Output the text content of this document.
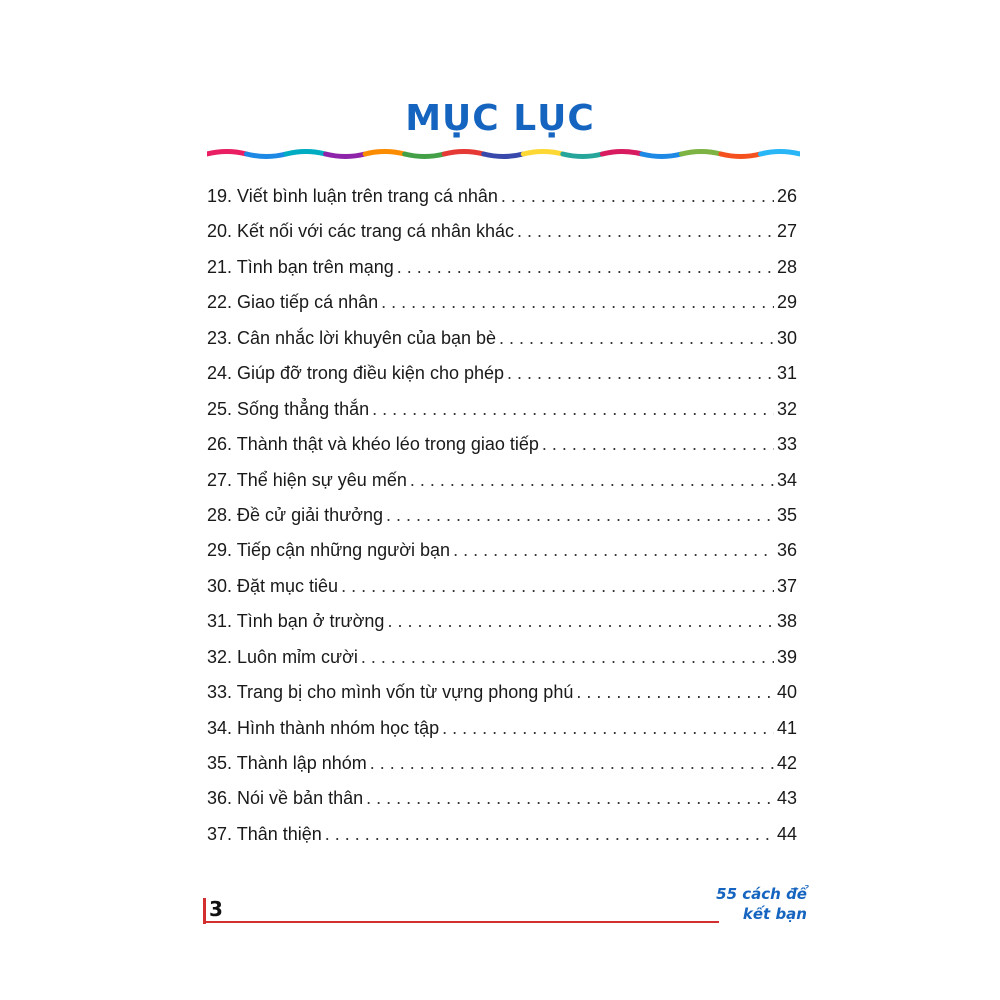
MỤC LỤC
19. Viết bình luận trên trang cá nhân . . .	26
20. Kết nối với các trang cá nhân khác . . .	27
21. Tình bạn trên mạng . . .	28
22. Giao tiếp cá nhân . . .	29
23. Cân nhắc lời khuyên của bạn bè . . .	30
24. Giúp đỡ trong điều kiện cho phép . . .	31
25. Sống thẳng thắn . . .	32
26. Thành thật và khéo léo trong giao tiếp . . .	33
27. Thể hiện sự yêu mến . . .	34
28. Đề cử giải thưởng . . .	35
29. Tiếp cận những người bạn . . .	36
30. Đặt mục tiêu . . .	37
31. Tình bạn ở trường . . .	38
32. Luôn mỉm cười . . .	39
33. Trang bị cho mình vốn từ vựng phong phú . . .	40
34. Hình thành nhóm học tập . . .	41
35. Thành lập nhóm . . .	42
36. Nói về bản thân . . .	43
37. Thân thiện . . .	44
3
55 cách để
kết bạn
